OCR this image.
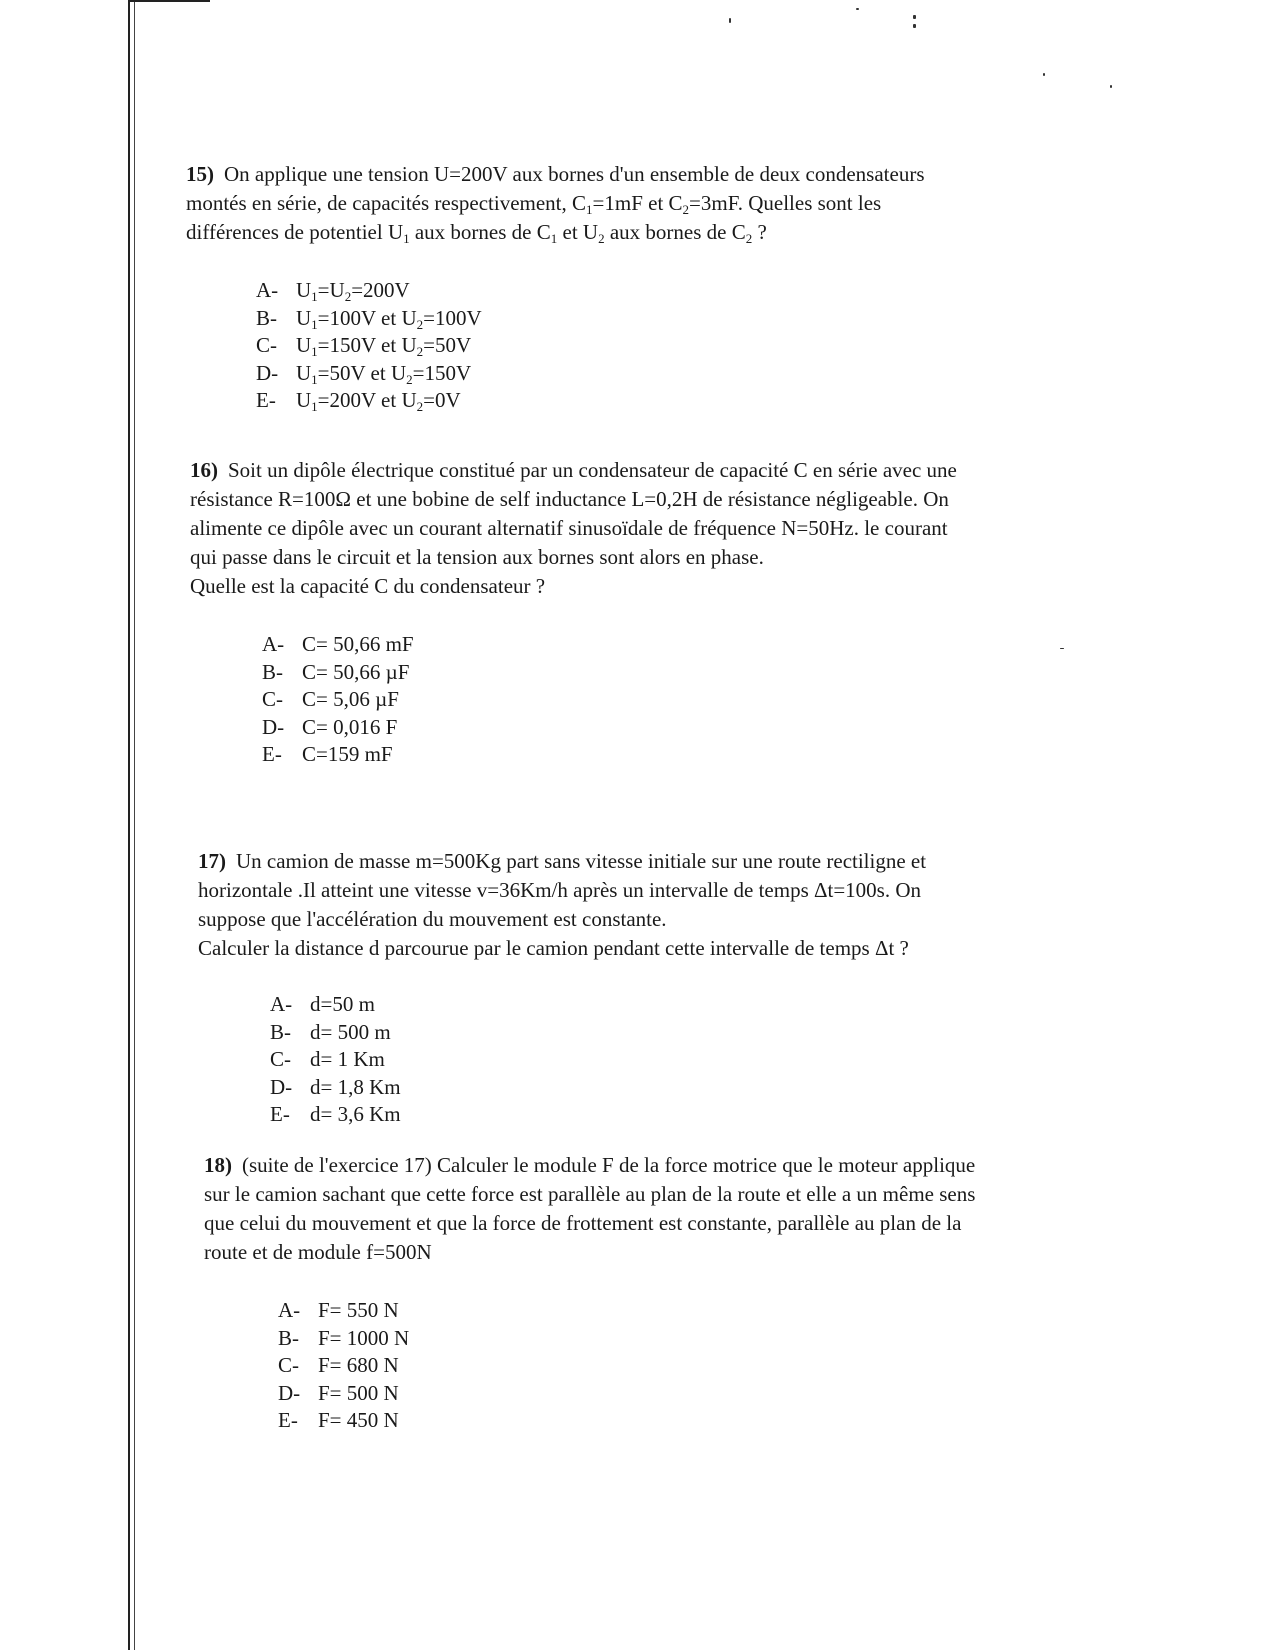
15) On applique une tension U=200V aux bornes d'un ensemble de deux condensateurs
montés en série, de capacités respectivement, $C_1=1mF$ et $C_2=3mF$. Quelles sont les
différences de potentiel $U_1$ aux bornes de $C_1$ et $U_2$ aux bornes de $C_2$ ?

A- $U_1=U_2=200V$
B- $U_1=100V$ et $U_2=100V$
C- $U_1=150V$ et $U_2=50V$
D- $U_1=50V$ et $U_2=150V$
E- $U_1=200V$ et $U_2=0V$

16) Soit un dipôle électrique constitué par un condensateur de capacité C en série avec une
résistance R=100Ω et une bobine de self inductance L=0,2H de résistance négligeable. On
alimente ce dipôle avec un courant alternatif sinusoïdale de fréquence N=50Hz. le courant
qui passe dans le circuit et la tension aux bornes sont alors en phase.
Quelle est la capacité C du condensateur ?

A- C= 50,66 mF
B- C= 50,66 µF
C- C= 5,06 µF
D- C= 0,016 F
E- C=159 mF

17) Un camion de masse m=500Kg part sans vitesse initiale sur une route rectiligne et
horizontale .Il atteint une vitesse v=36Km/h après un intervalle de temps Δt=100s. On
suppose que l'accélération du mouvement est constante.
Calculer la distance d parcourue par le camion pendant cette intervalle de temps Δt ?

A- d=50 m
B- d= 500 m
C- d= 1 Km
D- d= 1,8 Km
E- d= 3,6 Km

18) (suite de l'exercice 17) Calculer le module F de la force motrice que le moteur applique
sur le camion sachant que cette force est parallèle au plan de la route et elle a un même sens
que celui du mouvement et que la force de frottement est constante, parallèle au plan de la
route et de module f=500N

A- F= 550 N
B- F= 1000 N
C- F= 680 N
D- F= 500 N
E- F= 450 N
